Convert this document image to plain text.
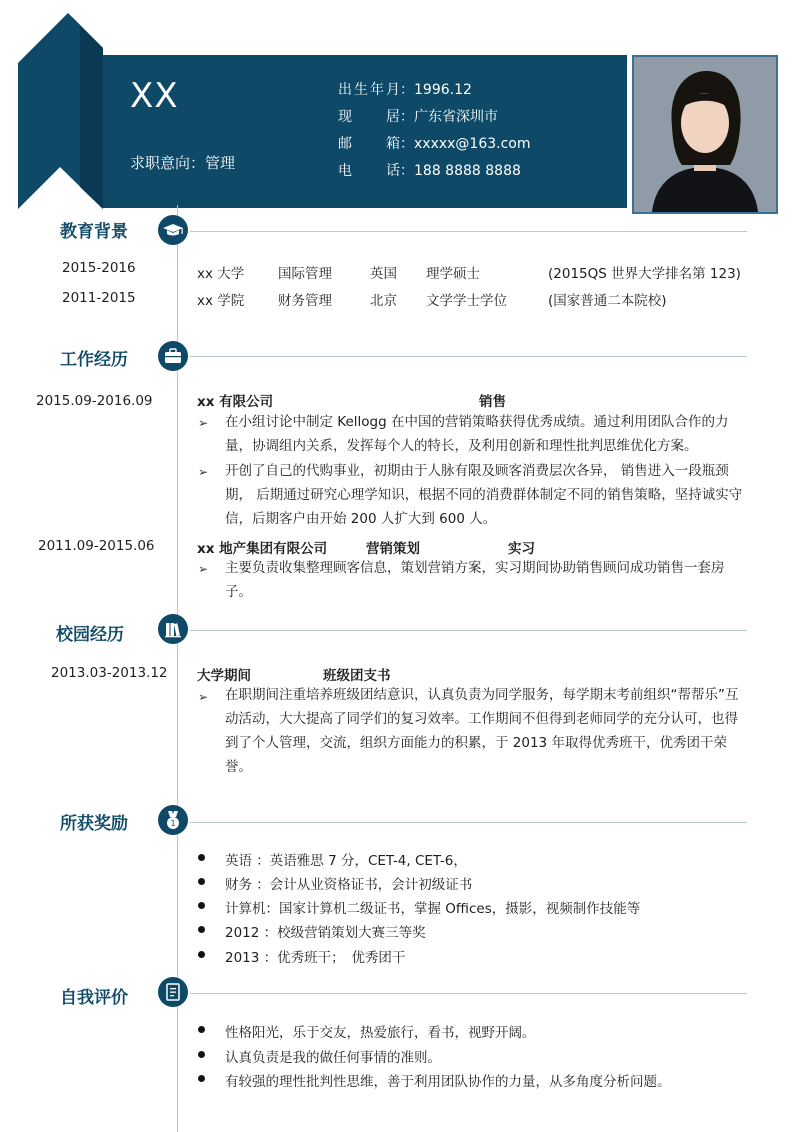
XX
求职意向：管理
出生年月：1996.12
现居：广东省深圳市
邮箱：xxxxx@163.com
电话：188 8888 8888
教育背景
2015-2016	xx 大学 国际管理	英国 理学硕士	(2015QS 世界大学排名第 123)
2011-2015	xx 学院 财务管理	北京 文学学士学位	(国家普通二本院校)
工作经历
2015.09-2016.09	xx 有限公司	销售
➢ 在小组讨论中制定 Kellogg 在中国的营销策略获得优秀成绩。通过利用团队合作的力量，协调组内关系，发挥每个人的特长，及利用创新和理性批判思维优化方案。
➢ 开创了自己的代购事业，初期由于人脉有限及顾客消费层次各异， 销售进入一段瓶颈期， 后期通过研究心理学知识，根据不同的消费群体制定不同的销售策略，坚持诚实守信，后期客户由开始 200 人扩大到 600 人。
2011.09-2015.06	xx 地产集团有限公司	营销策划	实习
➢ 主要负责收集整理顾客信息，策划营销方案，实习期间协助销售顾问成功销售一套房子。
校园经历
2013.03-2013.12 大学期间	班级团支书
➢ 在职期间注重培养班级团结意识，认真负责为同学服务，每学期末考前组织“帮帮乐”互动活动，大大提高了同学们的复习效率。工作期间不但得到老师同学的充分认可，也得到了个人管理，交流，组织方面能力的积累，于 2013 年取得优秀班干，优秀团干荣誉。
所获奖励	1
英语 ：英语雅思 7 分，CET-4, CET-6，
财务 ：会计从业资格证书，会计初级证书
计算机：国家计算机二级证书，掌握 Offices，摄影，视频制作技能等
2012 ：校级营销策划大赛三等奖
2013 ：优秀班干；　优秀团干
自我评价
性格阳光，乐于交友，热爱旅行，看书，视野开阔。
认真负责是我的做任何事情的准则。
有较强的理性批判性思维，善于利用团队协作的力量，从多角度分析问题。
